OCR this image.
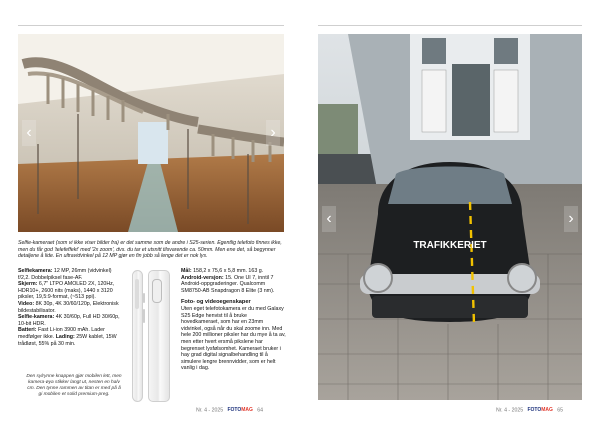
‹	›
Selfie-kameraet (som vi ikke viser bilder fra) er det samme som de andre i S25-serien. Egentlig telefoto finnes ikke, men du får god 'telefeffekt' med '2x zoom', dvs. du tar et utsnitt tilsvarende ca. 50mm. Men ene det, så begynner detaljene å lide. En ultravidvinkel på 12 MP gjør en fin jobb så lenge det er nok lys.
Selfiekamera: 12 MP, 26mm (vidvinkel) f/2,2. Dobbelpiksel fase-AF.
Skjerm: 6,7" LTPO AMOLED 2X, 120Hz, HDR10+, 2600 nits (maks), 1440 x 3120 piksler, 19,5:9-format, (~513 ppi).
Video: 8K 30p, 4K 30/60/120p, Elektronisk bildestabilisator.
Selfie-kamera: 4K 30/60p, Full HD 30/60p, 10-bit HDR.
Batteri: Fast Li-ion 3900 mAh. Lader medfølger ikke. Lading: 25W kablet, 15W trådløst, 55% på 30 min.
Den sylrynne knappen gjør mobilen lett, men kamera-øya stikker langt ut, nesten en halv cm. Den tynne rammen av titan er med på å gi mobilen et solid premium-preg.
Mål: 158,2 x 75,6 x 5,8 mm. 163 g.
Android-versjon: 15. One UI 7, inntil 7 Android-oppgraderinger. Qualcomm SM8750-AB Snapdragon 8 Elite (3 nm).
Foto- og videoegenskaper
Uten eget telefotokamera er du med Galaxy S25 Edge henvist til å bruke hovedkameraet, som har en 23mm vidvinkel, også når du skal zoome inn. Med hele 200 millioner piksler har du mye å ta av, men etter hvert ersmå pikslene har begrenset lysfølsomhet. Kameraet bruker i hay grad digital signalbehandling til å simulere lengre brennvidder, som er helt vanlig i dag.
Nr. 4 - 2025 FOTOMAG 64
TRAFIKKERIET
‹	›
Nr. 4 - 2025 FOTOMAG 65
